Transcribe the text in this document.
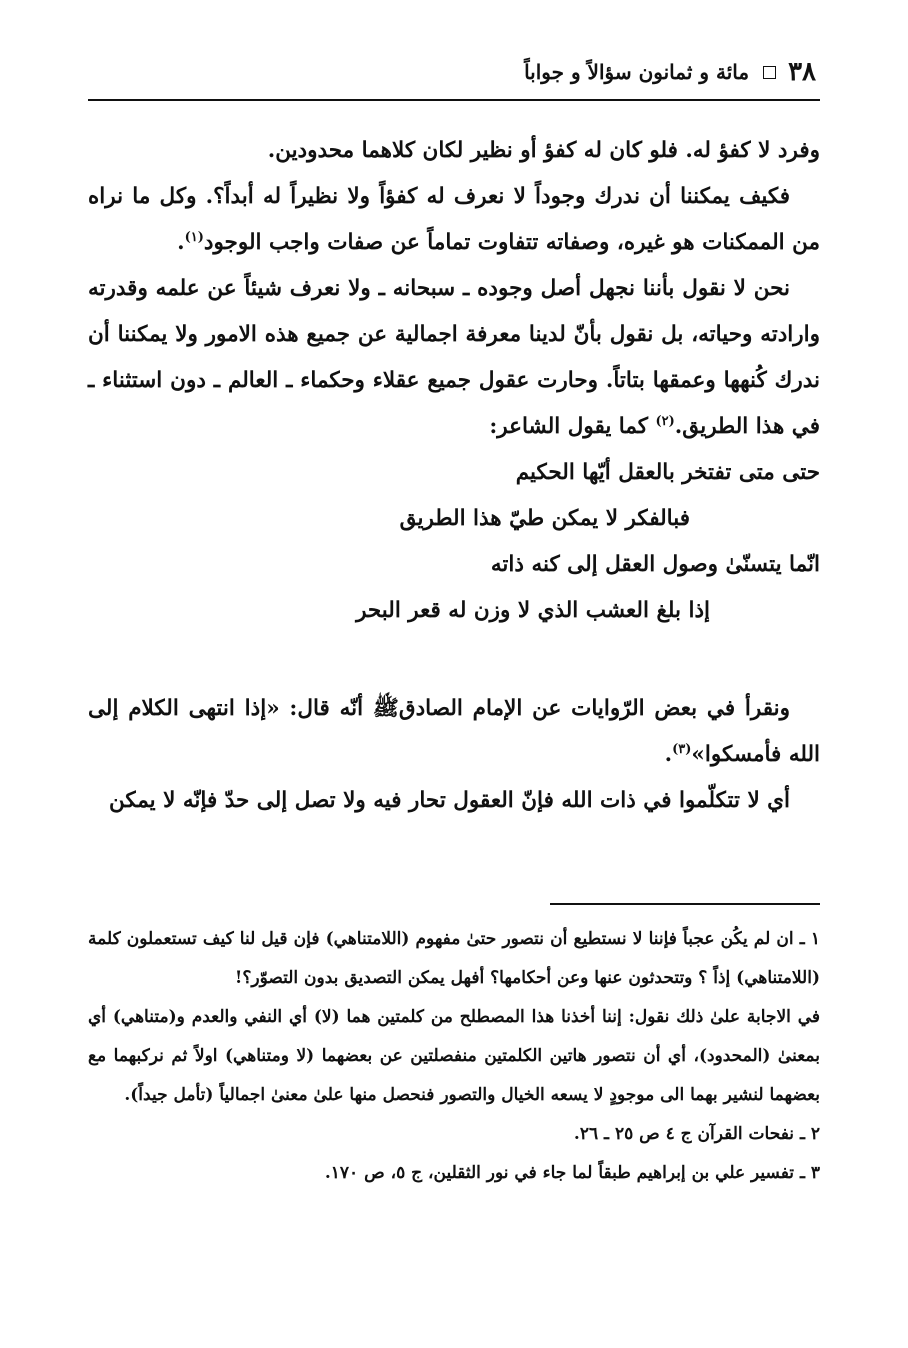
٣٨
مائة و ثمانون سؤالاً و جواباً

وفرد لا كفؤ له. فلو كان له كفؤ أو نظير لكان كلاهما محدودين.

فكيف يمكننا أن ندرك وجوداً لا نعرف له كفؤاً ولا نظيراً له أبداً؟. وكل ما نراه من الممكنات هو غيره، وصفاته تتفاوت تماماً عن صفات واجب الوجود$^{(١)}$.

نحن لا نقول بأننا نجهل أصل وجوده ـ سبحانه ـ ولا نعرف شيئاً عن علمه وقدرته وارادته وحياته، بل نقول بأنّ لدينا معرفة اجمالية عن جميع هذه الامور ولا يمكننا أن ندرك كُنهها وعمقها بتاتاً. وحارت عقول جميع عقلاء وحكماء ـ العالم ـ دون استثناء ـ في هذا الطريق.$^{(٢)}$ كما يقول الشاعر:

حتى متى تفتخر بالعقل أيّها الحكيم

فبالفكر لا يمكن طيّ هذا الطريق

انّما يتسنّىٰ وصول العقل إلى كنه ذاته

إذا بلغ العشب الذي لا وزن له قعر البحر

ونقرأ في بعض الرّوايات عن الإمام الصادقﷺ أنّه قال: «إذا انتهى الكلام إلى الله فأمسكوا»$^{(٣)}$.

أي لا تتكلّموا في ذات الله فإنّ العقول تحار فيه ولا تصل إلى حدّ فإنّه لا يمكن

١ ـ ان لم يكُن عجباً فإننا لا نستطيع أن نتصور حتىٰ مفهوم (اللامتناهي) فإن قيل لنا كيف تستعملون كلمة (اللامتناهي) إذاً ؟ وتتحدثون عنها وعن أحكامها؟ أفهل يمكن التصديق بدون التصوّر؟!

في الاجابة علىٰ ذلك نقول: إننا أخذنا هذا المصطلح من كلمتين هما (لا) أي النفي والعدم و(متناهي) أي بمعنىٰ (المحدود)، أي أن نتصور هاتين الكلمتين منفصلتين عن بعضهما (لا ومتناهي) اولاً ثم نركبهما مع بعضهما لنشير بهما الى موجودٍ لا يسعه الخيال والتصور فنحصل منها علىٰ معنىٰ اجمالياً (تأمل جيداً).

٢ ـ نفحات القرآن ج ٤ ص ٢٥ ـ ٢٦.

٣ ـ تفسير علي بن إبراهيم طبقاً لما جاء في نور الثقلين، ج ٥، ص ١٧٠.
